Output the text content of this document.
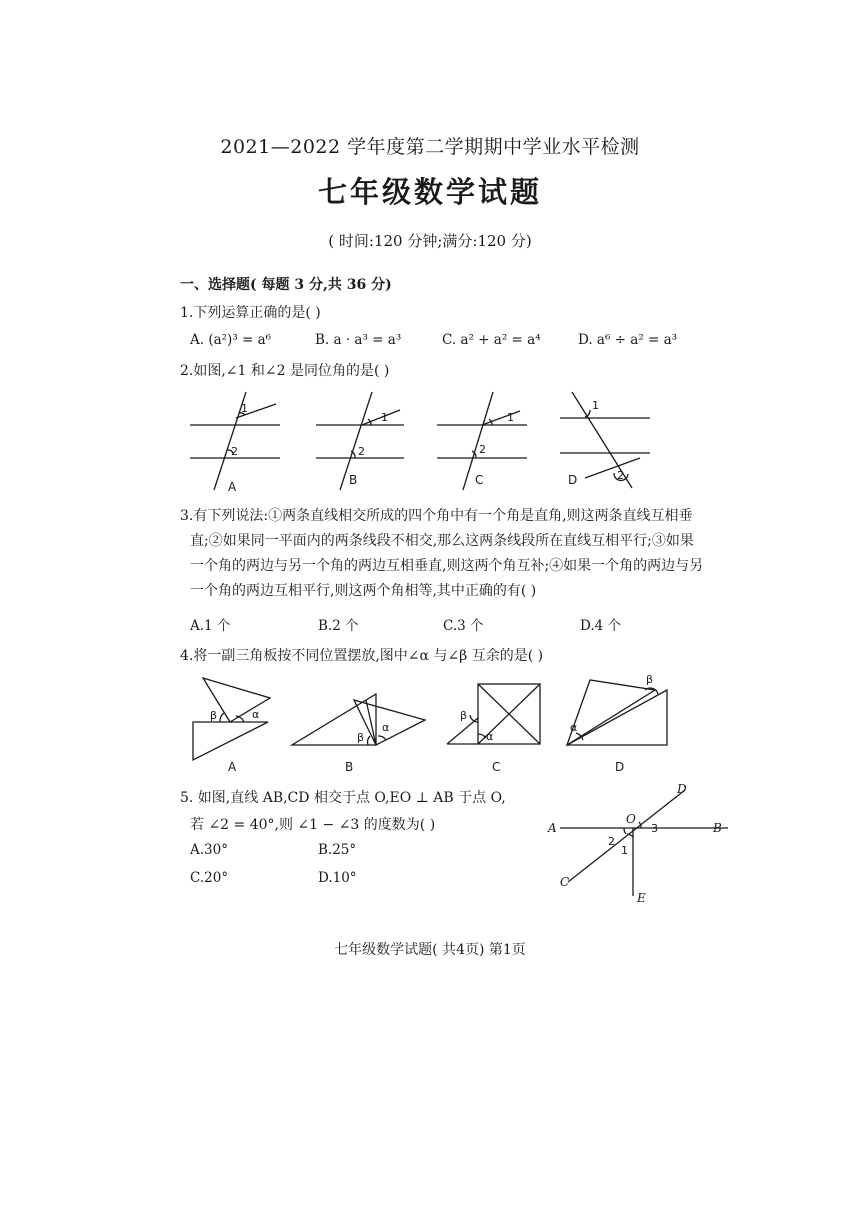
2021—2022 学年度第二学期期中学业水平检测
七年级数学试题
( 时间:120 分钟;满分:120 分)
一、选择题( 每题 3 分,共 36 分)
1.下列运算正确的是( )
A. (a²)³ = a⁶	B. a · a³ = a³	C. a² + a² = a⁴	D. a⁶ ÷ a² = a³
2.如图,∠1 和∠2 是同位角的是( )
3.有下列说法:①两条直线相交所成的四个角中有一个角是直角,则这两条直线互相垂
直;②如果同一平面内的两条线段不相交,那么这两条线段所在直线互相平行;③如果
一个角的两边与另一个角的两边互相垂直,则这两个角互补;④如果一个角的两边与另
一个角的两边互相平行,则这两个角相等,其中正确的有( )
A.1 个	B.2 个	C.3 个	D.4 个
4.将一副三角板按不同位置摆放,图中∠α 与∠β 互余的是( )
5. 如图,直线 AB,CD 相交于点 O,EO ⊥ AB 于点 O,
若 ∠2 = 40°,则 ∠1 − ∠3 的度数为( )
A.30°	B.25°
C.20°	D.10°
七年级数学试题( 共4页) 第1页
1
2
A
1
2
B
1
2
C
1
2
D
β	α
A
β
α
B
β
α
C
α
β
D
A	B
C
D
E
O
1
2
3
